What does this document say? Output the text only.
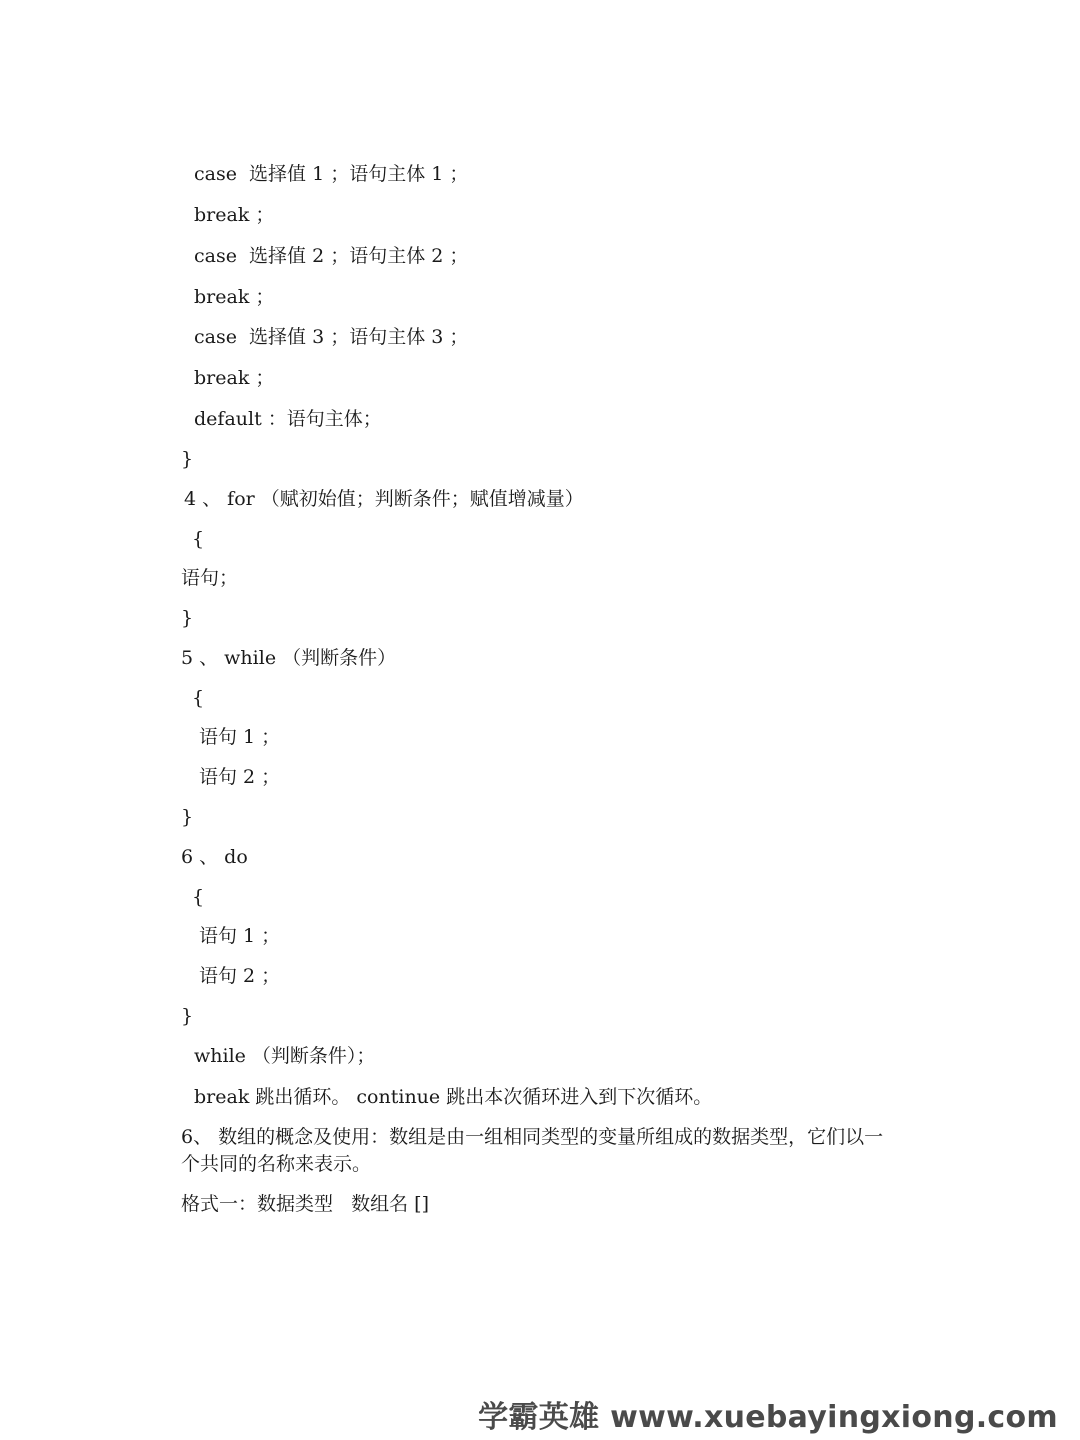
case  选择值 1 ；语句主体 1 ；
break ；
case  选择值 2 ；语句主体 2 ；
break ；
case  选择值 3 ；语句主体 3 ；
break ；
default ：语句主体；
}
4 、 for （赋初始值；判断条件；赋值增减量）
{
语句；
}
5 、 while （判断条件）
{
语句 1 ；
语句 2 ；
}
6 、 do
{
语句 1 ；
语句 2 ；
}
while （判断条件）；
break 跳出循环。 continue 跳出本次循环进入到下次循环。
6、 数组的概念及使用：数组是由一组相同类型的变量所组成的数据类型，它们以一个共同的名称来表示。
格式一：数据类型   数组名 []
学霸英雄 www.xuebayingxiong.com
